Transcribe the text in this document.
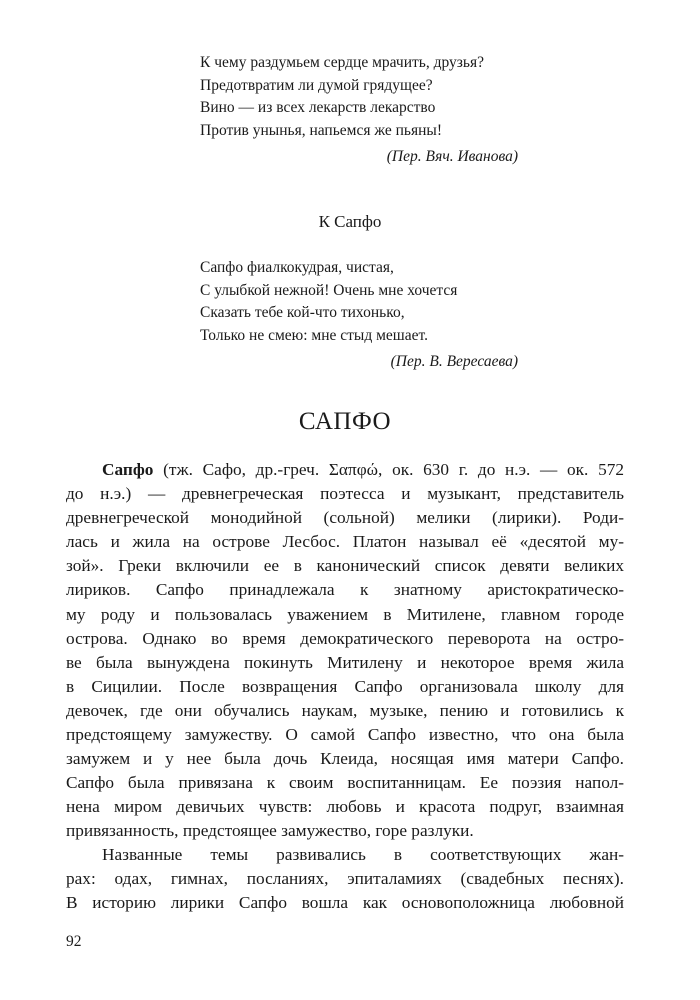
К чему раздумьем сердце мрачить, друзья?
Предотвратим ли думой грядущее?
Вино — из всех лекарств лекарство
Против унынья, напьемся же пьяны!
(Пер. Вяч. Иванова)
К Сапфо
Сапфо фиалкокудрая, чистая,
С улыбкой нежной! Очень мне хочется
Сказать тебе кой-что тихонько,
Только не смею: мне стыд мешает.
(Пер. В. Вересаева)
САПФО
Сапфо (тж. Сафо, др.-греч. Σαπφώ, ок. 630 г. до н.э. — ок. 572
до н.э.) — древнегреческая поэтесса и музыкант, представитель
древнегреческой монодийной (сольной) мелики (лирики). Роди-
лась и жила на острове Лесбос. Платон называл её «десятой му-
зой». Греки включили ее в канонический список девяти великих
лириков. Сапфо принадлежала к знатному аристократическо-
му роду и пользовалась уважением в Митилене, главном городе
острова. Однако во время демократического переворота на остро-
ве была вынуждена покинуть Митилену и некоторое время жила
в Сицилии. После возвращения Сапфо организовала школу для
девочек, где они обучались наукам, музыке, пению и готовились к
предстоящему замужеству. О самой Сапфо известно, что она была
замужем и у нее была дочь Клеида, носящая имя матери Сапфо.
Сапфо была привязана к своим воспитанницам. Ее поэзия напол-
нена миром девичьих чувств: любовь и красота подруг, взаимная
привязанность, предстоящее замужество, горе разлуки.
Названные темы развивались в соответствующих жан-
рах: одах, гимнах, посланиях, эпиталамиях (свадебных песнях).
В историю лирики Сапфо вошла как основоположница любовной
92
